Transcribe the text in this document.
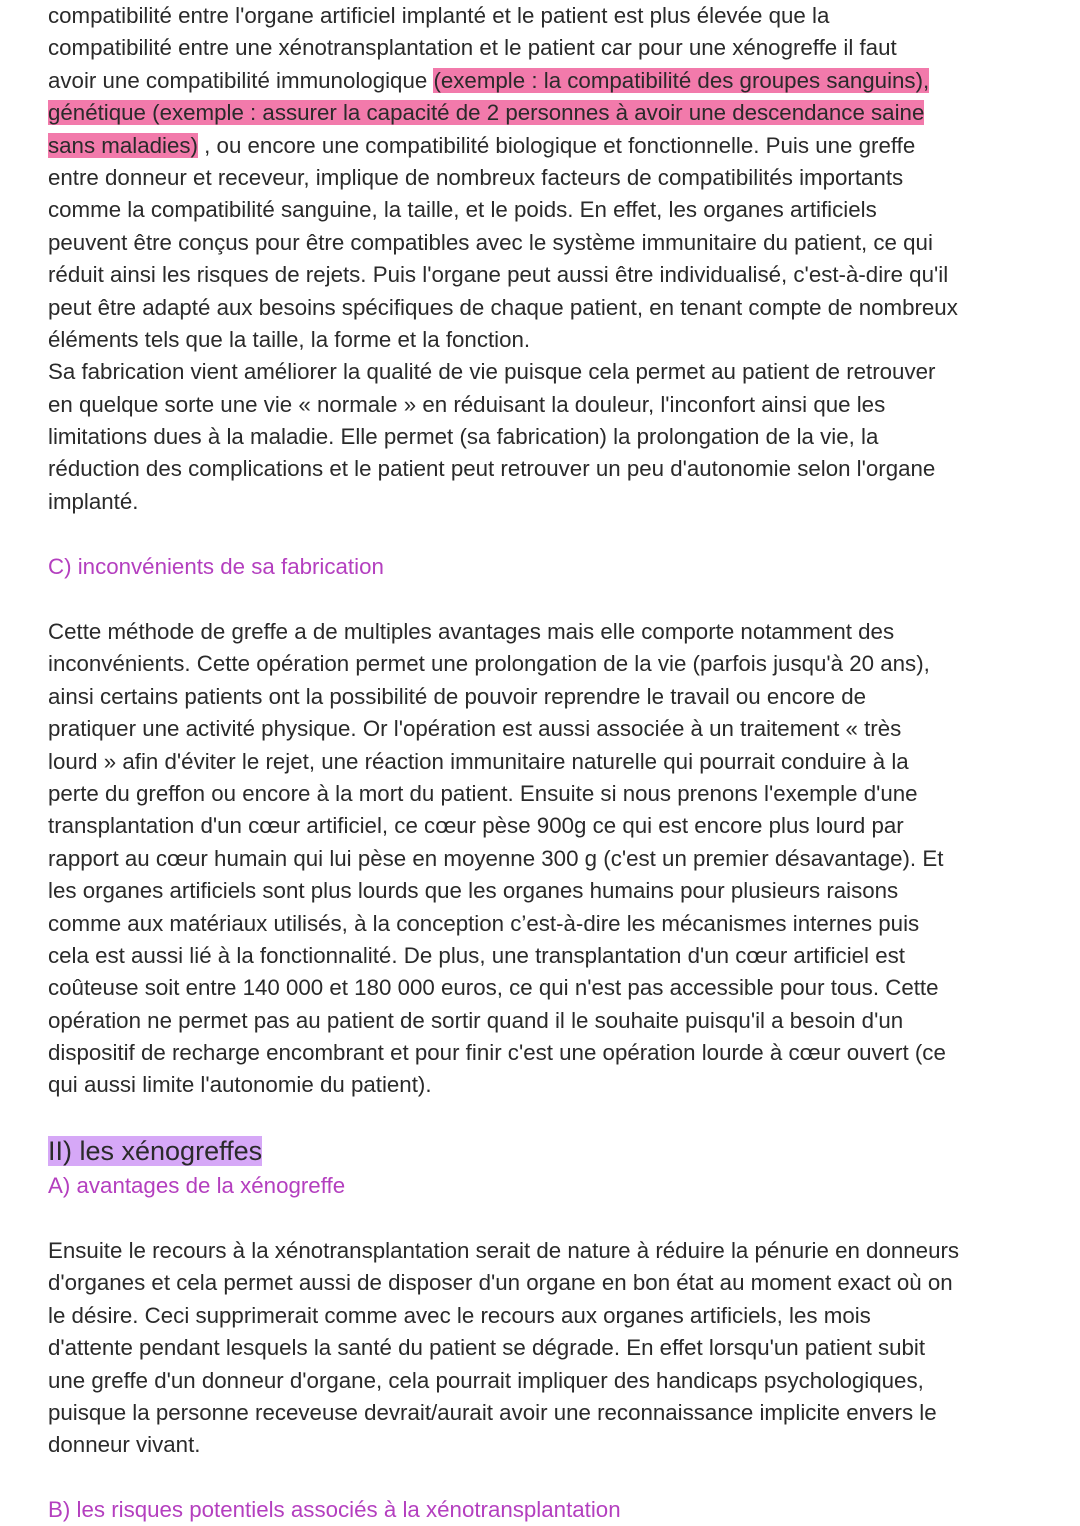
compatibilité entre l'organe artificiel implanté et le patient est plus élevée que la
compatibilité entre une xénotransplantation et le patient car pour une xénogreffe il faut
avoir une compatibilité immunologique (exemple : la compatibilité des groupes sanguins),
génétique (exemple : assurer la capacité de 2 personnes à avoir une descendance saine
sans maladies) , ou encore une compatibilité biologique et fonctionnelle. Puis une greffe
entre donneur et receveur, implique de nombreux facteurs de compatibilités importants
comme la compatibilité sanguine, la taille, et le poids. En effet, les organes artificiels
peuvent être conçus pour être compatibles avec le système immunitaire du patient, ce qui
réduit ainsi les risques de rejets. Puis l'organe peut aussi être individualisé, c'est-à-dire qu'il
peut être adapté aux besoins spécifiques de chaque patient, en tenant compte de nombreux
éléments tels que la taille, la forme et la fonction.
Sa fabrication vient améliorer la qualité de vie puisque cela permet au patient de retrouver
en quelque sorte une vie « normale » en réduisant la douleur, l'inconfort ainsi que les
limitations dues à la maladie. Elle permet (sa fabrication) la prolongation de la vie, la
réduction des complications et le patient peut retrouver un peu d'autonomie selon l'organe
implanté.
C) inconvénients de sa fabrication
Cette méthode de greffe a de multiples avantages mais elle comporte notamment des
inconvénients. Cette opération permet une prolongation de la vie (parfois jusqu'à 20 ans),
ainsi certains patients ont la possibilité de pouvoir reprendre le travail ou encore de
pratiquer une activité physique. Or l'opération est aussi associée à un traitement « très
lourd » afin d'éviter le rejet, une réaction immunitaire naturelle qui pourrait conduire à la
perte du greffon ou encore à la mort du patient. Ensuite si nous prenons l'exemple d'une
transplantation d'un cœur artificiel, ce cœur pèse 900g ce qui est encore plus lourd par
rapport au cœur humain qui lui pèse en moyenne 300 g (c'est un premier désavantage). Et
les organes artificiels sont plus lourds que les organes humains pour plusieurs raisons
comme aux matériaux utilisés, à la conception c’est-à-dire les mécanismes internes puis
cela est aussi lié à la fonctionnalité. De plus, une transplantation d'un cœur artificiel est
coûteuse soit entre 140 000 et 180 000 euros, ce qui n'est pas accessible pour tous. Cette
opération ne permet pas au patient de sortir quand il le souhaite puisqu'il a besoin d'un
dispositif de recharge encombrant et pour finir c'est une opération lourde à cœur ouvert (ce
qui aussi limite l'autonomie du patient).
II) les xénogreffes
A) avantages de la xénogreffe
Ensuite le recours à la xénotransplantation serait de nature à réduire la pénurie en donneurs
d'organes et cela permet aussi de disposer d'un organe en bon état au moment exact où on
le désire. Ceci supprimerait comme avec le recours aux organes artificiels, les mois
d'attente pendant lesquels la santé du patient se dégrade. En effet lorsqu'un patient subit
une greffe d'un donneur d'organe, cela pourrait impliquer des handicaps psychologiques,
puisque la personne receveuse devrait/aurait avoir une reconnaissance implicite envers le
donneur vivant.
B) les risques potentiels associés à la xénotransplantation
